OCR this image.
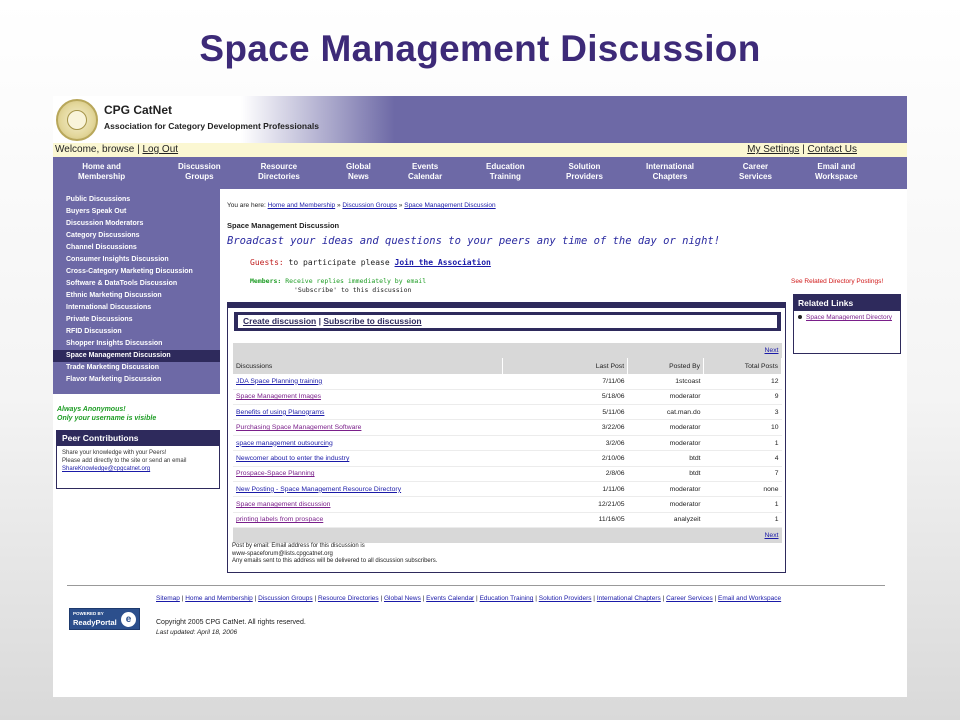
Space Management Discussion
CPG CatNet
Association for Category Development Professionals
Welcome, browse | Log Out	My Settings | Contact Us
Home and
Membership
Discussion
Groups
Resource
Directories
Global
News
Events
Calendar
Education
Training
Solution
Providers
International
Chapters
Career
Services
Email and
Workspace
Public Discussions
Buyers Speak Out
Discussion Moderators
Category Discussions
Channel Discussions
Consumer Insights Discussion
Cross-Category Marketing Discussion
Software & DataTools Discussion
Ethnic Marketing Discussion
International Discussions
Private Discussions
RFID Discussion
Shopper Insights Discussion
Space Management Discussion
Trade Marketing Discussion
Flavor Marketing Discussion
Always Anonymous!
Only your username is visible
Peer Contributions
Share your knowledge with your Peers!
Please add directly to the site or send an email
ShareKnowledge@cpgcatnet.org
You are here: Home and Membership » Discussion Groups » Space Management Discussion
Space Management Discussion
Broadcast your ideas and questions to your peers any time of the day or night!
Guests: to participate please Join the Association
Members: Receive replies immediately by email
'Subscribe' to this discussion
See Related Directory Postings!
Create discussion | Subscribe to discussion
			Next
Discussions	Last Post	Posted By	Total Posts
JDA Space Planning training	7/11/06	1stcoast	12
Space Management Images	5/18/06	moderator	9
Benefits of using Planograms	5/11/06	cat.man.do	3
Purchasing Space Management Software	3/22/06	moderator	10
space management outsourcing	3/2/06	moderator	1
Newcomer about to enter the industry	2/10/06	btdt	4
Prospace-Space Planning	2/8/06	btdt	7
New Posting - Space Management Resource Directory	1/11/06	moderator	none
Space management discussion	12/21/05	moderator	1
printing labels from prospace	11/16/05	analyzeit	1
			Next
Post by email: Email address for this discussion is
www-spaceforum@lists.cpgcatnet.org
Any emails sent to this address will be delivered to all discussion subscribers.
Related Links
Space Management Directory
Sitemap | Home and Membership | Discussion Groups | Resource Directories | Global News | Events Calendar | Education Training | Solution Providers | International Chapters | Career Services | Email and Workspace
POWERED BY
ReadyPortal e	Copyright 2005 CPG CatNet. All rights reserved.
Last updated: April 18, 2006
